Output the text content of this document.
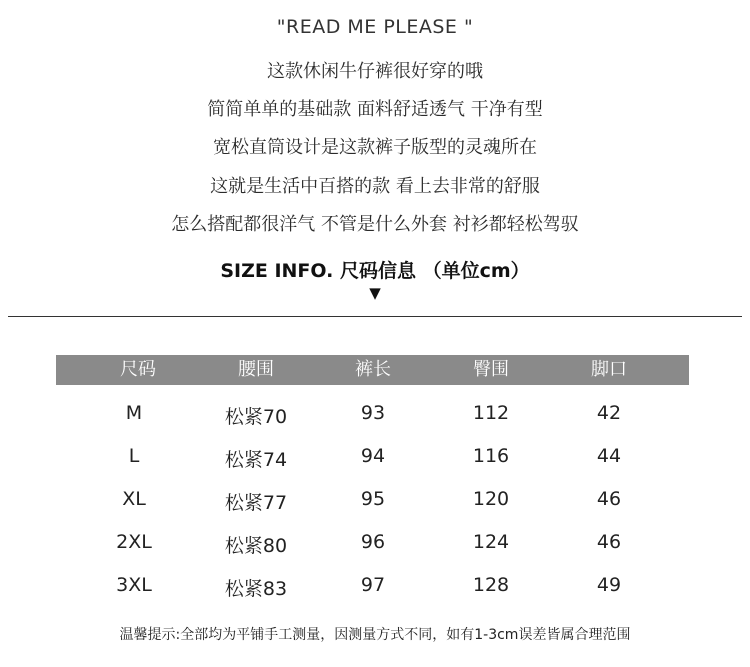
"READ ME PLEASE "
这款休闲牛仔裤很好穿的哦
简简单单的基础款 面料舒适透气 干净有型
宽松直筒设计是这款裤子版型的灵魂所在
这就是生活中百搭的款 看上去非常的舒服
怎么搭配都很洋气 不管是什么外套 衬衫都轻松驾驭
SIZE INFO. 尺码信息 （单位cm）
▼
尺码	腰围	裤长	臀围	脚口
M	松紧70	93	112	42
L	松紧74	94	116	44
XL	松紧77	95	120	46
2XL	松紧80	96	124	46
3XL	松紧83	97	128	49
温馨提示:全部均为平铺手工测量，因测量方式不同，如有1-3cm误差皆属合理范围
